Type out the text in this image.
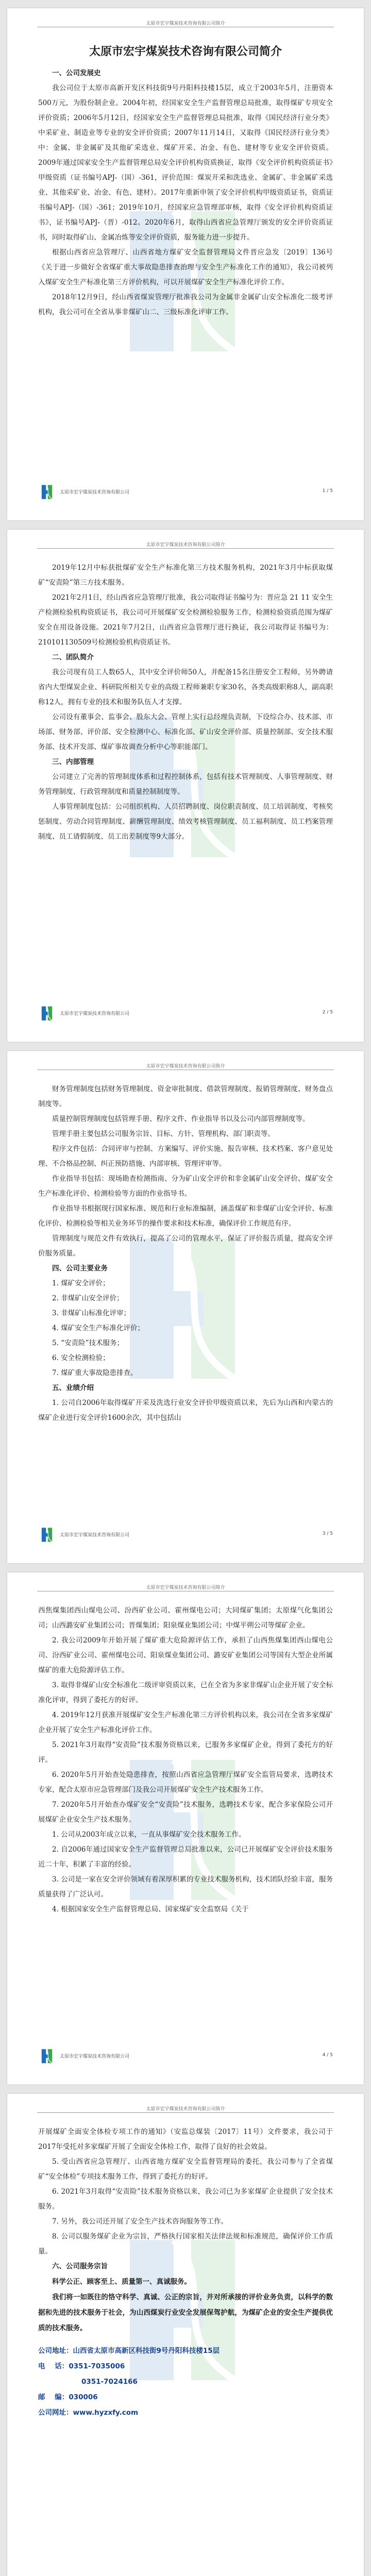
太原市宏宇煤炭技术咨询有限公司简介
太原市宏宇煤炭技术咨询有限公司简介

一、公司发展史

我公司位于太原市高新开发区科技街9号丹阳科技楼15层，成立于2003年5月，注册资本500万元，为股份制企业。2004年初，经国家安全生产监督管理总局批准，取得煤矿专项安全评价资质；2006年5月12日，经国家安全生产监督管理总局批准，取得《国民经济行业分类》中采矿业、制造业等专业的安全评价资质；2007年11月14日，又取得《国民经济行业分类》中：金属、非金属矿及其他矿采选业、煤矿开采、冶金、有色、建材等专业安全评价资质。2009年通过国家安全生产监督管理总局安全评价机构资质换证，取得《安全评价机构资质证书》甲级资质（证书编号APJ-（国）-361，评价范围：煤炭开采和洗选业、金属矿、非金属矿采选业、其他采矿业、冶金、有色、建材）。2017年重新申领了安全评价机构甲级资质证书，资质证书编号APJ-（国）-361；2019年10月，经国家应急管理部审核，取得《安全评价机构资质证书》，证书编号APJ-（晋）-012。2020年6月，取得山西省应急管理厅颁发的安全评价资质证书，同时取得矿山、金属冶炼等安全评价资质，服务能力进一步提升。

根据山西省应急管理厅、山西省地方煤矿安全监督管理局文件晋应急发〔2019〕136号《关于进一步做好全省煤矿重大事故隐患排查治理与安全生产标准化工作的通知》，我公司被列入煤矿安全生产标准化第三方评价机构，可以开展煤矿安全生产标准化评价工作。

2018年12月9日，经山西省煤炭管理厅批准我公司为金属非金属矿山安全标准化二级考评机构，我公司可在全省从事非煤矿山二、三级标准化评审工作。

太原市宏宇煤炭技术咨询有限公司	1 / 5
太原市宏宇煤炭技术咨询有限公司简介

2019年12月中标获批煤矿安全生产标准化第三方技术服务机构，2021年3月中标获取煤矿“安责险”第三方技术服务。

2021年2月1日，经山西省应急管理厅批准，我公司取得证书编号为：晋应急 21 11 安全生产检测检验机构资质证书，我公司可开展煤矿安全检测检验服务工作，检测检验资质范围为煤矿安全在用设备设施。2021年7月2日，山西省应急管理厅进行换证，我公司取得证书编号为：210101130509号检测检验机构资质证书。

二、团队简介

我公司现有员工人数65人，其中安全评价师50人，并配备15名注册安全工程师，另外聘请省内大型煤炭企业、科研院所相关专业的高级工程师兼职专家30名，各类高级职称8人，副高职称12人，拥有专业的技术和服务队伍人才支撑。

公司设有董事会、监事会、股东大会、管理上实行总经理负责制，下设综合办、技术部、市场部、财务部、评价部、安全检测中心、标准化部、矿山安全评价部、质量控制部、安全技术服务部、技术开发部、煤矿事故调查分析中心等职能部门。

三、内部管理

公司建立了完善的管理制度体系和过程控制体系，包括有技术管理制度、人事管理制度、财务管理制度、行政管理制度和质量控制制度等。

人事管理制度包括：公司组织机构、人员招聘制度、岗位职责制度、员工培训制度、考核奖惩制度、劳动合同管理制度、薪酬管理制度、绩效考核管理制度、员工福利制度、员工档案管理制度、员工请假制度、员工出差制度等9大部分。

太原市宏宇煤炭技术咨询有限公司	2 / 5
太原市宏宇煤炭技术咨询有限公司简介

财务管理制度包括财务管理制度、资金审批制度、借款管理制度、报销管理制度、财务盘点制度等。

质量控制管理制度包括管理手册、程序文件、作业指导书以及公司内部管理制度等。

管理手册主要包括公司服务宗旨、目标、方针、管理机构、部门职责等。

程序文件包括：合同评审与控制、方案编写、评价实施、报告审核、技术档案、客户意见处理、不合格品控制、纠正预防措施、内部审核、管理评审等。

作业指导书包括：现场勘查检测指南、分为矿山安全评价和非金属矿山安全评价、煤矿安全生产标准化评价、检测检验等方面的作业指导书。

作业指导书根据现行国家标准、规范和行业标准编制，涵盖煤矿和非煤矿山安全评价、标准化评价、检测检验等相关业务环节的操作要求和技术标准，确保评价工作规范有序。

管理制度与规范文件有效执行，提高了公司的管理水平，保证了评价报告质量，提高安全评价服务质量。

四、公司主要业务

1. 煤矿安全评价；

2. 非煤矿山安全评价；

3. 非煤矿山标准化评审；

4. 煤矿安全生产标准化评价；

5. “安责险”技术服务；

6. 安全检测检验；

7. 煤矿重大事故隐患排查。

五、业绩介绍

1. 公司自2006年取得煤矿开采及洗选行业安全评价甲级资质以来，先后为山西和内蒙古的煤矿企业进行安全评价1600余次，其中包括山

太原市宏宇煤炭技术咨询有限公司	3 / 5
太原市宏宇煤炭技术咨询有限公司简介

西焦煤集团西山煤电公司、汾西矿业公司、霍州煤电公司；大同煤矿集团；太原煤气化集团公司；山西潞安矿业集团公司；晋煤集团；阳泉煤业集团公司；中煤平朔公司等煤矿企业。

2. 我公司2009年开始开展了煤矿重大危险源评估工作，承担了山西焦煤集团西山煤电公司、汾西矿业公司、霍州煤电公司、阳泉煤业集团公司、潞安矿业集团公司等国有大型企业所属煤矿的重大危险源评估工作。

3. 取得非煤矿山安全标准化二级评审资质以来，已在全省为多家非煤矿山企业开展了安全标准化评审，得到了委托方的好评。

4. 2019年12月获准开展煤矿安全生产标准化第三方评价机构以来，我公司在全省多家煤矿企业开展了安全生产标准化评价工作。

5. 2021年3月取得“安责险”技术服务资格以来，已服务多家煤矿企业，得到了委托方的好评。

6. 2020年5月开始查处隐患排查，按照山西省应急管理厅煤矿安全监管局要求，选聘技术专家，配合太原市应急管理部门及我公司开展煤矿安全生产技术服务工作。

7. 2020年5月开始查办煤矿安全“安责险”技术服务，选聘技术专家，配合多家保险公司开展煤矿企业安全生产技术服务。

1. 公司从2003年成立以来，一直从事煤矿安全技术服务工作。

2. 自2006年通过国家安全生产监督管理总局批准以来，公司已开展煤矿安全评价技术服务近二十年，积累了丰富的经验。

3. 公司是一家在安全评价领域有着深厚积累的专业技术服务机构，技术团队经验丰富，服务质量获得了广泛认可。

4. 根据国家安全生产监督管理总局、国家煤矿安全监察局《关于

太原市宏宇煤炭技术咨询有限公司	4 / 5
太原市宏宇煤炭技术咨询有限公司简介

开展煤矿全面安全体检专项工作的通知》（安监总煤装〔2017〕11号）文件要求，我公司于2017年受托对多家煤矿开展了全面安全体检工作，取得了良好的社会效益。

5. 受山西省应急管理厅、山西省地方煤矿安全监督管理局的委托，我公司参与了全省煤矿“安全体检”专项技术服务工作，得到了委托方的好评。

6. 2021年3月取得“安责险”技术服务资格以来，我公司已为多家煤矿企业提供了安全技术服务。

7. 另外，我公司还开展了安全生产技术咨询服务等工作。

8. 公司以服务煤矿企业为宗旨，严格执行国家相关法律法规和标准规范，确保评价工作质量。

六、公司服务宗旨

科学公正、顾客至上、质量第一、真诚服务。

我们将一如既往的恪守科学、真诚、公正的宗旨，并对所承接的评价业务负责，以科学的数据和先进的技术服务于社会，为山西煤炭行业安全发展保驾护航，为煤矿企业的安全生产提供优质的技术服务。

公司地址：山西省太原市高新区科技街9号丹阳科技楼15层
电    话：0351-7035006
0351-7024166
邮    编：030006
公司网址：www.hyzxfy.com
